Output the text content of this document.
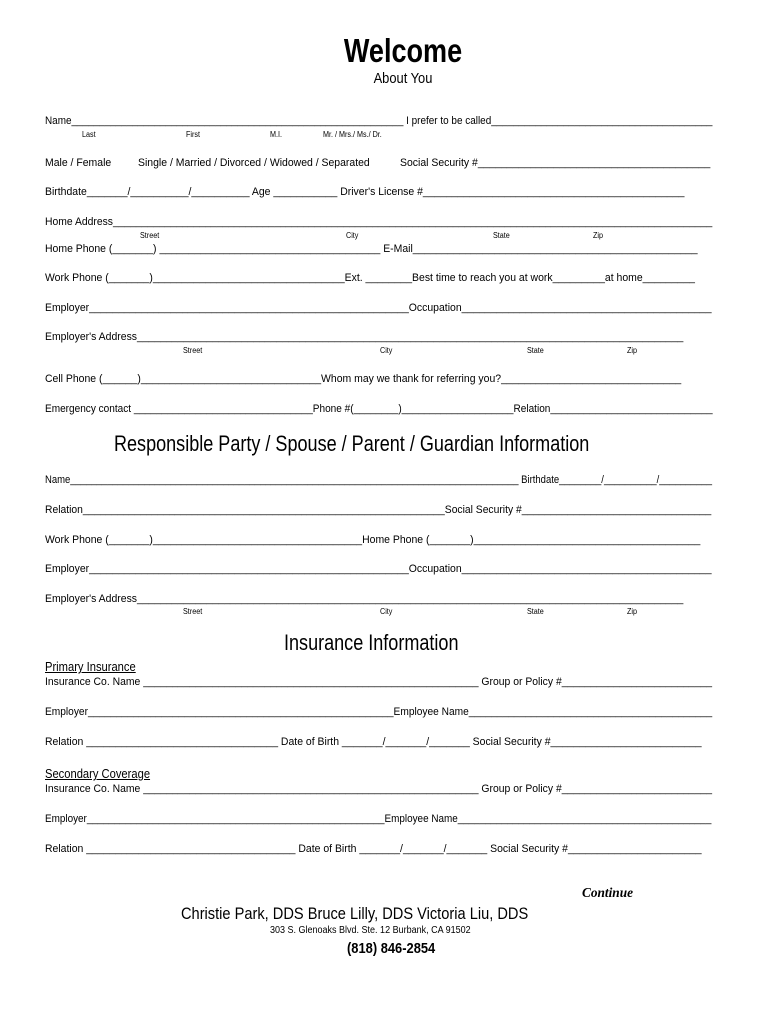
Welcome
About You
Name____________________________________________________________ I prefer to be called________________________________________
Last	First	M.I.	Mr. / Mrs./ Ms./ Dr.
Male / Female Single / Married / Divorced / Widowed / Separated	Social Security #________________________________________
Birthdate_______/__________/__________ Age ___________ Driver's License #_____________________________________________
Home Address________________________________________________________________________________________________________
Street	City	State	Zip
Home Phone (_______) ______________________________________ E-Mail_________________________________________________
Work Phone (_______)_________________________________Ext. ________Best time to reach you at work_________at home_________
Employer_______________________________________________________Occupation___________________________________________
Employer's Address______________________________________________________________________________________________
Street	City	State	Zip
Cell Phone (______)_______________________________Whom may we thank for referring you?_______________________________
Emergency contact ________________________________Phone #(________)____________________Relation_____________________________
Responsible Party / Spouse / Parent / Guardian Information
Name_____________________________________________________________________________________ Birthdate________/__________/__________
Relation_______________________________________________________________Social Security #_________________________________
Work Phone (_______)____________________________________Home Phone (_______)_______________________________________
Employer_______________________________________________________Occupation___________________________________________
Employer's Address______________________________________________________________________________________________
Street	City	State	Zip
Insurance Information
Primary Insurance
Insurance Co. Name __________________________________________________________ Group or Policy #__________________________
Employer______________________________________________________Employee Name___________________________________________
Relation _________________________________ Date of Birth _______/_______/_______ Social Security #__________________________
Secondary Coverage
Insurance Co. Name __________________________________________________________ Group or Policy #__________________________
Employer______________________________________________________Employee Name______________________________________________
Relation ____________________________________ Date of Birth _______/_______/_______ Social Security #_______________________
Continue
Christie Park, DDS Bruce Lilly, DDS Victoria Liu, DDS
303 S. Glenoaks Blvd. Ste. 12 Burbank, CA 91502
(818) 846-2854
